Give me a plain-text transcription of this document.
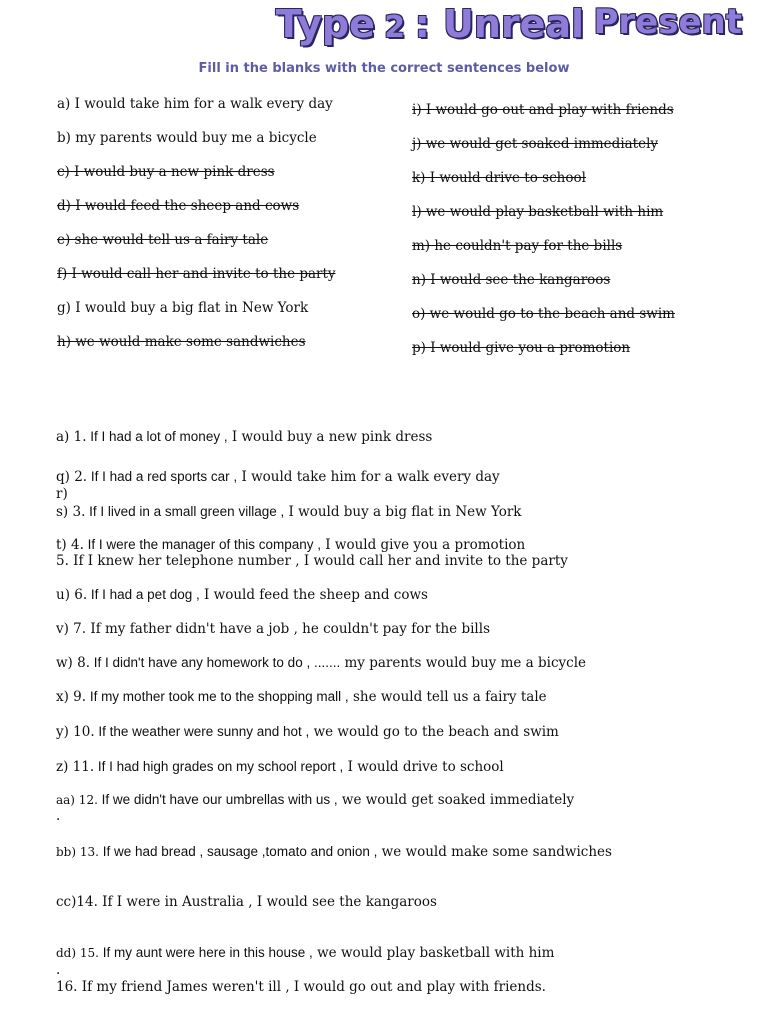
Type 2 : Unreal Present
Fill in the blanks with the correct sentences below
a) I would take him for a walk every day
b) my parents would buy me a bicycle
c) I would buy a new pink dress
d) I would feed the sheep and cows
e) she would tell us a fairy tale
f) I would call her and invite to the party
g) I would buy a big flat in New York
h) we would make some sandwiches
i) I would go out and play with friends
j) we would get soaked immediately
k) I would drive to school
l) we would play basketball with him
m) he couldn't pay for the bills
n) I would see the kangaroos
o) we would go to the beach and swim
p) I would give you a promotion
a) 1. If I had a lot of money , I would buy a new pink dress
q) 2. If I had a red sports car , I would take him for a walk every day
r)
s) 3. If I lived in a small green village , I would buy a big flat in New York
t) 4. If I were the manager of this company , I would give you a promotion
5. If I knew her telephone number , I would call her and invite to the party
u) 6. If I had a pet dog , I would feed the sheep and cows
v) 7. If my father didn't have a job , he couldn't pay for the bills
w) 8. If I didn't have any homework to do , ....... my parents would buy me a bicycle
x) 9. If my mother took me to the shopping mall , she would tell us a fairy tale
y) 10. If the weather were sunny and hot , we would go to the beach and swim
z) 11. If I had high grades on my school report , I would drive to school
aa) 12. If we didn't have our umbrellas with us , we would get soaked immediately
.
bb) 13. If we had bread , sausage ,tomato and onion , we would make some sandwiches
cc)14. If I were in Australia , I would see the kangaroos
dd) 15. If my aunt were here in this house , we would play basketball with him
.
16. If my friend James weren't ill , I would go out and play with friends.
